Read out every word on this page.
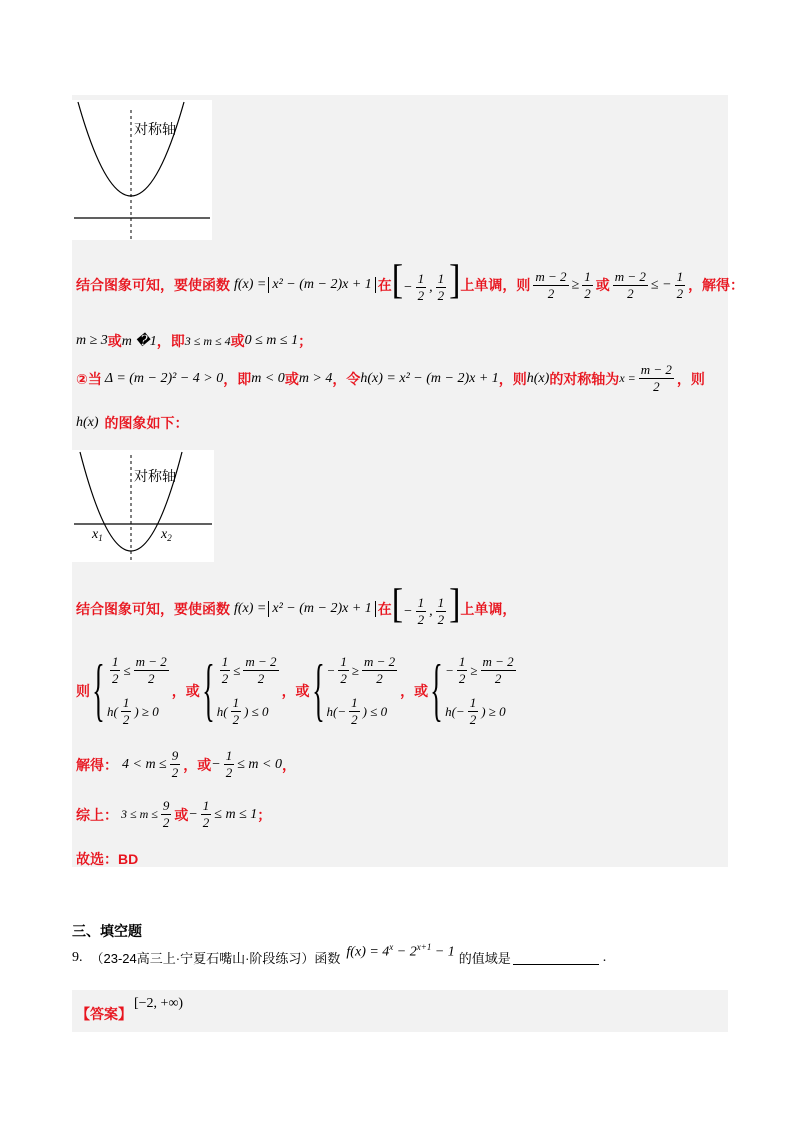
对称轴
结合图象可知，要使函数 f(x) = x² − (m − 2)x + 1 在 [− $\frac{1}{2}$ , $\frac{1}{2}$ ] 上单调，则 $\frac{m - 2}{2} \ge \frac{1}{2}$ 或 $\frac{m - 2}{2}$ ≤ − $\frac{1}{2}$ ，解得：
m ≥ 3 或 m �1 ，即 3 ≤ m ≤ 4 或 0 ≤ m ≤ 1 ；
②当 Δ = (m − 2)² − 4 > 0 ，即 m < 0 或 m > 4 ，令 h(x) = x² − (m − 2)x + 1 ，则 h(x) 的对称轴为 $x = \frac{m - 2}{2}$ ，则
h(x) 的图象如下：
对称轴
$x_1$	$x_2$
结合图象可知，要使函数 f(x) = x² − (m − 2)x + 1 在 [− $\frac{1}{2}$ , $\frac{1}{2}$ ] 上单调，
则 { $\frac{1}{2} \le \frac{m - 2}{2}$
$h( \frac{1}{2}$ ) ≥ 0
，或 { $\frac{1}{2} \le \frac{m - 2}{2}$
$h( \frac{1}{2}$ ) ≤ 0
，或 { − $\frac{1}{2} \ge \frac{m - 2}{2}$
$h(- \frac{1}{2}$ ) ≤ 0
，或 { − $\frac{1}{2} \ge \frac{m - 2}{2}$
$h(- \frac{1}{2}$ ) ≥ 0
解得： $4 < m \le \frac{9}{2}$ ，或 − $\frac{1}{2} \le m < 0$ ，
综上： $3 \le m \le \frac{9}{2}$ 或 − $\frac{1}{2} \le m \le 1$ ；
故选：BD
三、填空题
9. （23-24高三上·宁夏石嘴山·阶段练习）函数 $f(x) = 4^x - 2^{x+1} - 1$ 的值域是	.
【答案】
[−2, +∞)
